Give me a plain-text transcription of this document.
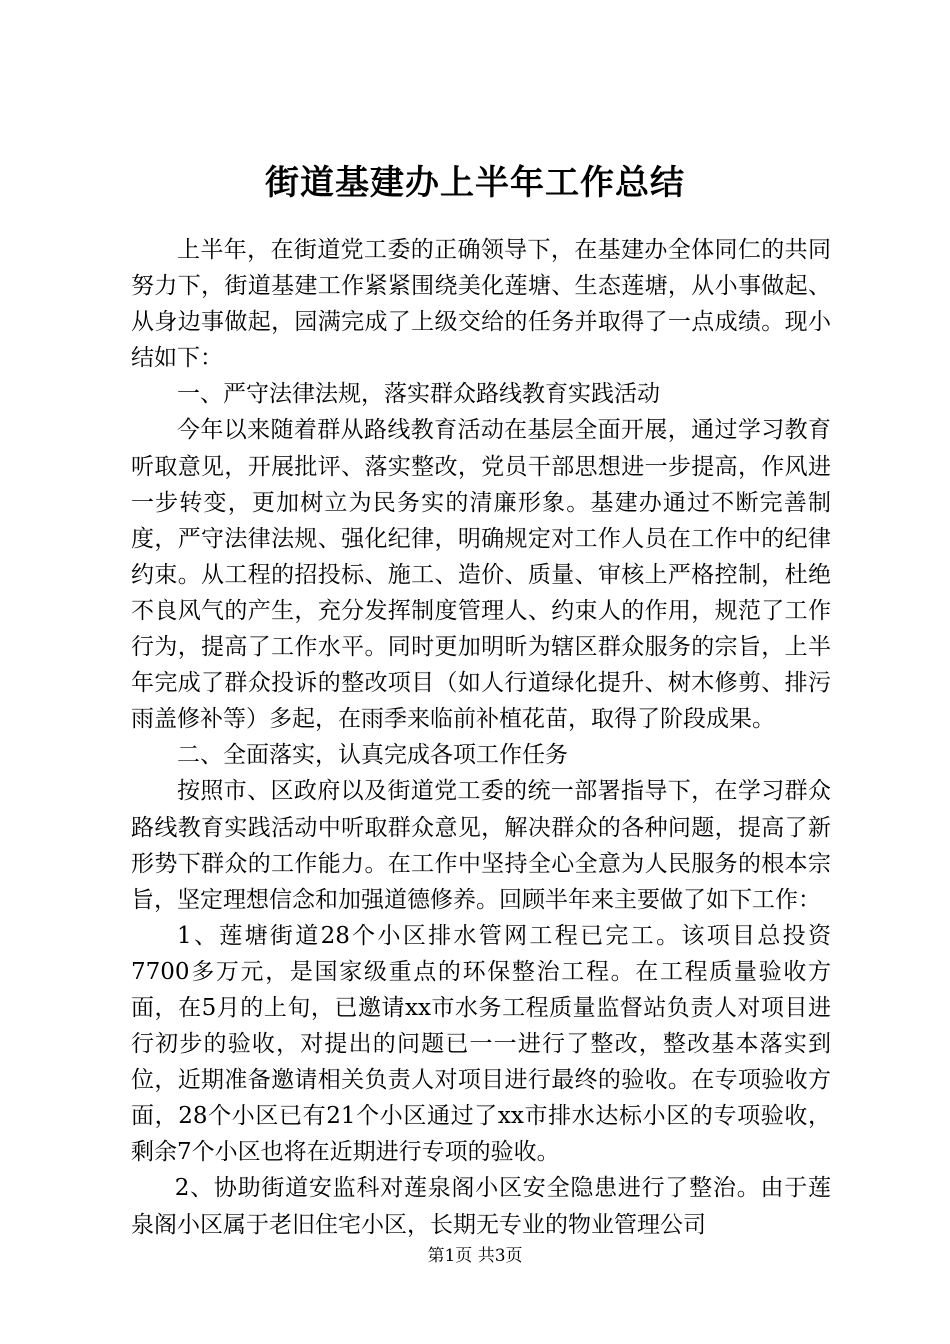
街道基建办上半年工作总结

上半年，在街道党工委的正确领导下，在基建办全体同仁的共同努力下，街道基建工作紧紧围绕美化莲塘、生态莲塘，从小事做起、从身边事做起，园满完成了上级交给的任务并取得了一点成绩。现小结如下：

一、严守法律法规，落实群众路线教育实践活动

今年以来随着群从路线教育活动在基层全面开展，通过学习教育听取意见，开展批评、落实整改，党员干部思想进一步提高，作风进一步转变，更加树立为民务实的清廉形象。基建办通过不断完善制度，严守法律法规、强化纪律，明确规定对工作人员在工作中的纪律约束。从工程的招投标、施工、造价、质量、审核上严格控制，杜绝不良风气的产生，充分发挥制度管理人、约束人的作用，规范了工作行为，提高了工作水平。同时更加明昕为辖区群众服务的宗旨，上半年完成了群众投诉的整改项目（如人行道绿化提升、树木修剪、排污雨盖修补等）多起，在雨季来临前补植花苗，取得了阶段成果。

二、全面落实，认真完成各项工作任务

按照市、区政府以及街道党工委的统一部署指导下，在学习群众路线教育实践活动中听取群众意见，解决群众的各种问题，提高了新形势下群众的工作能力。在工作中坚持全心全意为人民服务的根本宗旨，坚定理想信念和加强道德修养。回顾半年来主要做了如下工作：

1、莲塘街道28个小区排水管网工程已完工。该项目总投资7700多万元，是国家级重点的环保整治工程。在工程质量验收方面，在5月的上旬，已邀请xx市水务工程质量监督站负责人对项目进行初步的验收，对提出的问题已一一进行了整改，整改基本落实到位，近期准备邀请相关负责人对项目进行最终的验收。在专项验收方面，28个小区已有21个小区通过了xx市排水达标小区的专项验收，剩余7个小区也将在近期进行专项的验收。

2、协助街道安监科对莲泉阁小区安全隐患进行了整治。由于莲泉阁小区属于老旧住宅小区，长期无专业的物业管理公司

第1页 共3页
